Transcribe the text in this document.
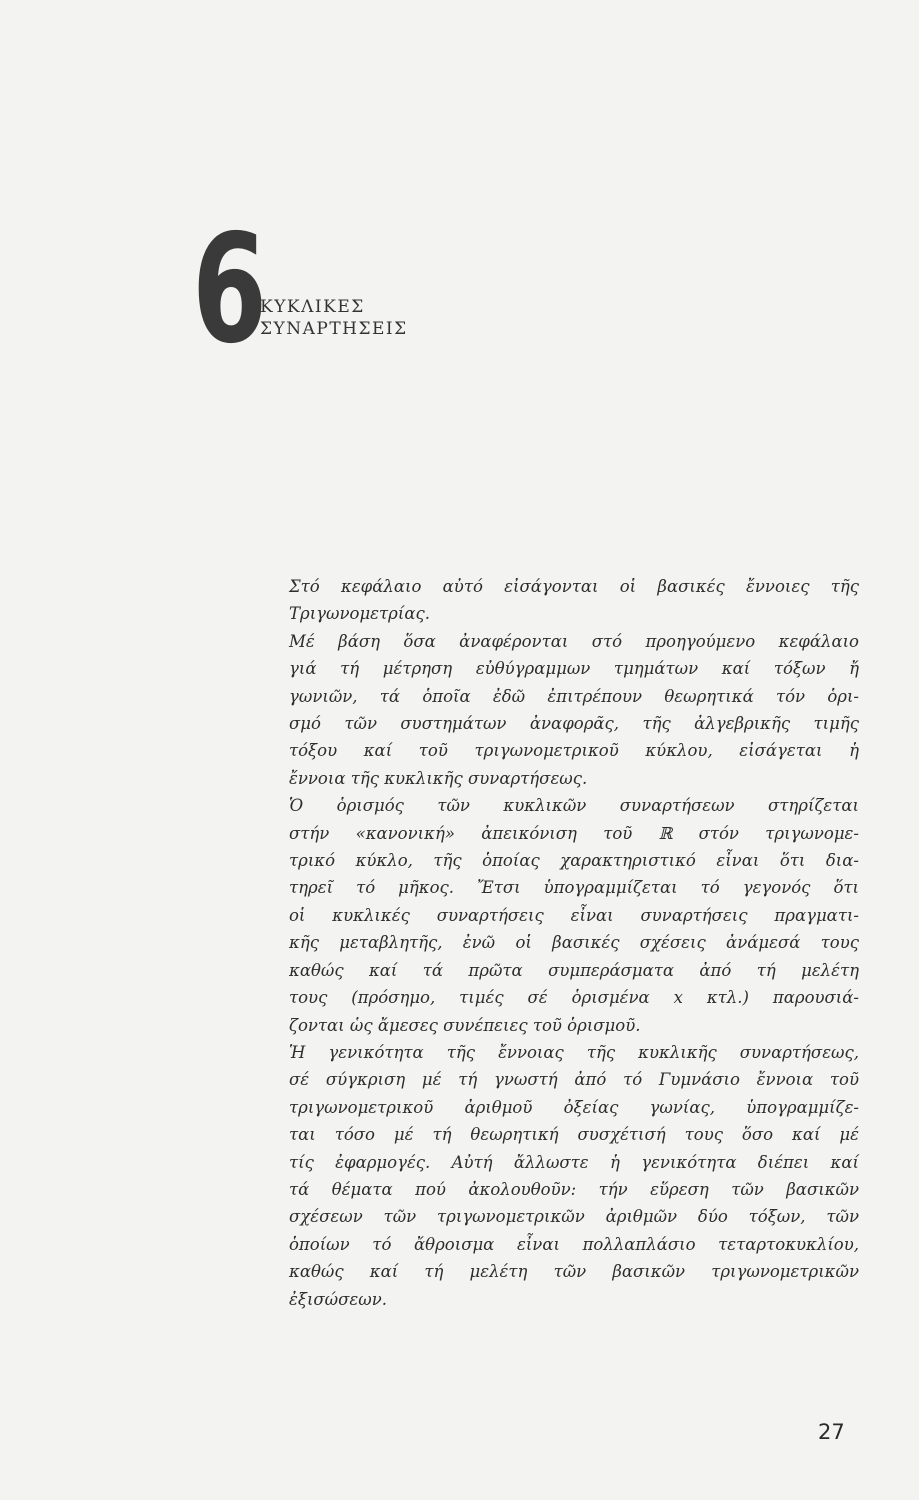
6
ΚΥΚΛΙΚΕΣ
ΣΥΝΑΡΤΗΣΕΙΣ
Στό κεφάλαιο αὐτό εἰσάγονται οἱ βασικές ἔννοιες τῆς
Τριγωνομετρίας.
Μέ βάση ὅσα ἀναφέρονται στό προηγούμενο κεφάλαιο
γιά τή μέτρηση εὐθύγραμμων τμημάτων καί τόξων ἤ
γωνιῶν, τά ὁποῖα ἐδῶ ἐπιτρέπουν θεωρητικά τόν ὁρι-
σμό τῶν συστημάτων ἀναφορᾶς, τῆς ἀλγεβρικῆς τιμῆς
τόξου καί τοῦ τριγωνομετρικοῦ κύκλου, εἰσάγεται ἡ
ἔννοια τῆς κυκλικῆς συναρτήσεως.
Ὁ ὁρισμός τῶν κυκλικῶν συναρτήσεων στηρίζεται
στήν «κανονική» ἀπεικόνιση τοῦ ℝ στόν τριγωνομε-
τρικό κύκλο, τῆς ὁποίας χαρακτηριστικό εἶναι ὅτι δια-
τηρεῖ τό μῆκος. Ἔτσι ὑπογραμμίζεται τό γεγονός ὅτι
οἱ κυκλικές συναρτήσεις εἶναι συναρτήσεις πραγματι-
κῆς μεταβλητῆς, ἐνῶ οἱ βασικές σχέσεις ἀνάμεσά τους
καθώς καί τά πρῶτα συμπεράσματα ἀπό τή μελέτη
τους (πρόσημο, τιμές σέ ὁρισμένα x κτλ.) παρουσιά-
ζονται ὡς ἄμεσες συνέπειες τοῦ ὁρισμοῦ.
Ἡ γενικότητα τῆς ἔννοιας τῆς κυκλικῆς συναρτήσεως,
σέ σύγκριση μέ τή γνωστή ἀπό τό Γυμνάσιο ἔννοια τοῦ
τριγωνομετρικοῦ ἀριθμοῦ ὀξείας γωνίας, ὑπογραμμίζε-
ται τόσο μέ τή θεωρητική συσχέτισή τους ὅσο καί μέ
τίς ἐφαρμογές. Αὐτή ἄλλωστε ἡ γενικότητα διέπει καί
τά θέματα πού ἀκολουθοῦν: τήν εὕρεση τῶν βασικῶν
σχέσεων τῶν τριγωνομετρικῶν ἀριθμῶν δύο τόξων, τῶν
ὁποίων τό ἄθροισμα εἶναι πολλαπλάσιο τεταρτοκυκλίου,
καθώς καί τή μελέτη τῶν βασικῶν τριγωνομετρικῶν
ἐξισώσεων.
27
